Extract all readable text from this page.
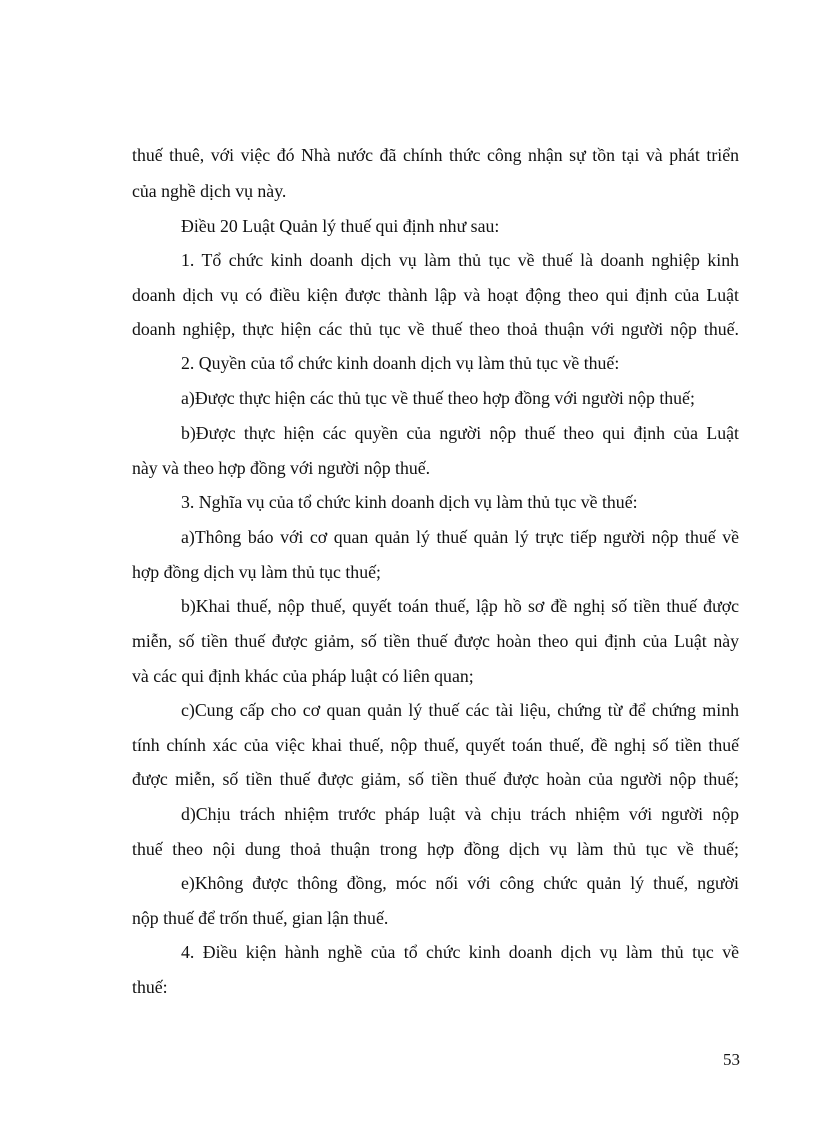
thuế thuê, với việc đó Nhà nước đã chính thức công nhận sự tồn tại và phát triển
của nghề dịch vụ này.
Điều 20 Luật Quản lý thuế qui định như sau:
1. Tổ chức kinh doanh dịch vụ làm thủ tục về thuế là doanh nghiệp kinh
doanh dịch vụ có điều kiện được thành lập và hoạt động theo qui định của Luật
doanh nghiệp, thực hiện các thủ tục về thuế theo thoả thuận với người nộp thuế.
2. Quyền của tổ chức kinh doanh dịch vụ làm thủ tục về thuế:
a)Được thực hiện các thủ tục về thuế theo hợp đồng với người nộp thuế;
b)Được thực hiện các quyền của người nộp thuế theo qui định của Luật
này và theo hợp đồng với người nộp thuế.
3. Nghĩa vụ của tổ chức kinh doanh dịch vụ làm thủ tục về thuế:
a)Thông báo với cơ quan quản lý thuế quản lý trực tiếp người nộp thuế về
hợp đồng dịch vụ làm thủ tục thuế;
b)Khai thuế, nộp thuế, quyết toán thuế, lập hồ sơ đề nghị số tiền thuế được
miễn, số tiền thuế được giảm, số tiền thuế được hoàn theo qui định của Luật này
và các qui định khác của pháp luật có liên quan;
c)Cung cấp cho cơ quan quản lý thuế các tài liệu, chứng từ để chứng minh
tính chính xác của việc khai thuế, nộp thuế, quyết toán thuế, đề nghị số tiền thuế
được miễn, số tiền thuế được giảm, số tiền thuế được hoàn của người nộp thuế;
d)Chịu trách nhiệm trước pháp luật và chịu trách nhiệm với người nộp
thuế theo nội dung thoả thuận trong hợp đồng dịch vụ làm thủ tục về thuế;
e)Không được thông đồng, móc nối với công chức quản lý thuế, người
nộp thuế để trốn thuế, gian lận thuế.
4. Điều kiện hành nghề của tổ chức kinh doanh dịch vụ làm thủ tục về
thuế:
53
